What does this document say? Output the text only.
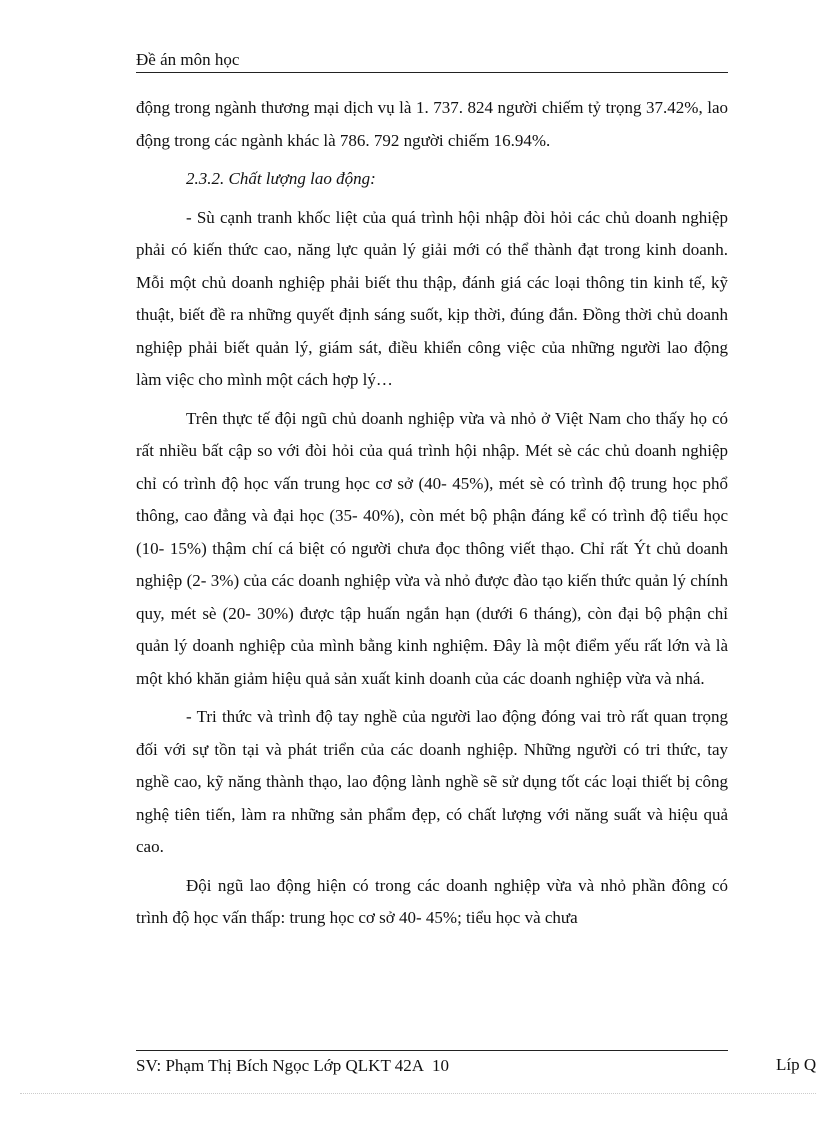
Đề án môn học

động trong ngành thương mại dịch vụ là 1. 737. 824 người chiếm tỷ trọng 37.42%, lao động trong các ngành khác là 786. 792 người chiếm 16.94%.

2.3.2. Chất lượng lao động:

- Sù cạnh tranh khốc liệt của quá trình hội nhập đòi hỏi các chủ doanh nghiệp phải có kiến thức cao, năng lực quản lý giải mới có thể thành đạt trong kinh doanh. Mỗi một chủ doanh nghiệp phải biết thu thập, đánh giá các loại thông tin kinh tế, kỹ thuật, biết đề ra những quyết định sáng suốt, kịp thời, đúng đắn. Đồng thời chủ doanh nghiệp phải biết quản lý, giám sát, điều khiển công việc của những người lao động làm việc cho mình một cách hợp lý…

Trên thực tế đội ngũ chủ doanh nghiệp vừa và nhỏ ở Việt Nam cho thấy họ có rất nhiều bất cập so với đòi hỏi của quá trình hội nhập. Mét sè các chủ doanh nghiệp chỉ có trình độ học vấn trung học cơ sở (40- 45%), mét sè có trình độ trung học phổ thông, cao đẳng và đại học (35- 40%), còn mét bộ phận đáng kể có trình độ tiểu học (10- 15%) thậm chí cá biệt có người chưa đọc thông viết thạo. Chỉ rất Ýt chủ doanh nghiệp (2- 3%) của các doanh nghiệp vừa và nhỏ được đào tạo kiến thức quản lý chính quy, mét sè (20- 30%) được tập huấn ngắn hạn (dưới 6 tháng), còn đại bộ phận chỉ quản lý doanh nghiệp của mình bằng kinh nghiệm. Đây là một điểm yếu rất lớn và là một khó khăn giảm hiệu quả sản xuất kinh doanh của các doanh nghiệp vừa và nhá.

- Tri thức và trình độ tay nghề của người lao động đóng vai trò rất quan trọng đối với sự tồn tại và phát triển của các doanh nghiệp. Những người có tri thức, tay nghề cao, kỹ năng thành thạo, lao động lành nghề sẽ sử dụng tốt các loại thiết bị công nghệ tiên tiến, làm ra những sản phẩm đẹp, có chất lượng với năng suất và hiệu quả cao.

Đội ngũ lao động hiện có trong các doanh nghiệp vừa và nhỏ phần đông có trình độ học vấn thấp: trung học cơ sở 40- 45%; tiểu học và chưa

SV: Phạm Thị Bích Ngọc Lớp QLKT 42A 10	Líp Q
